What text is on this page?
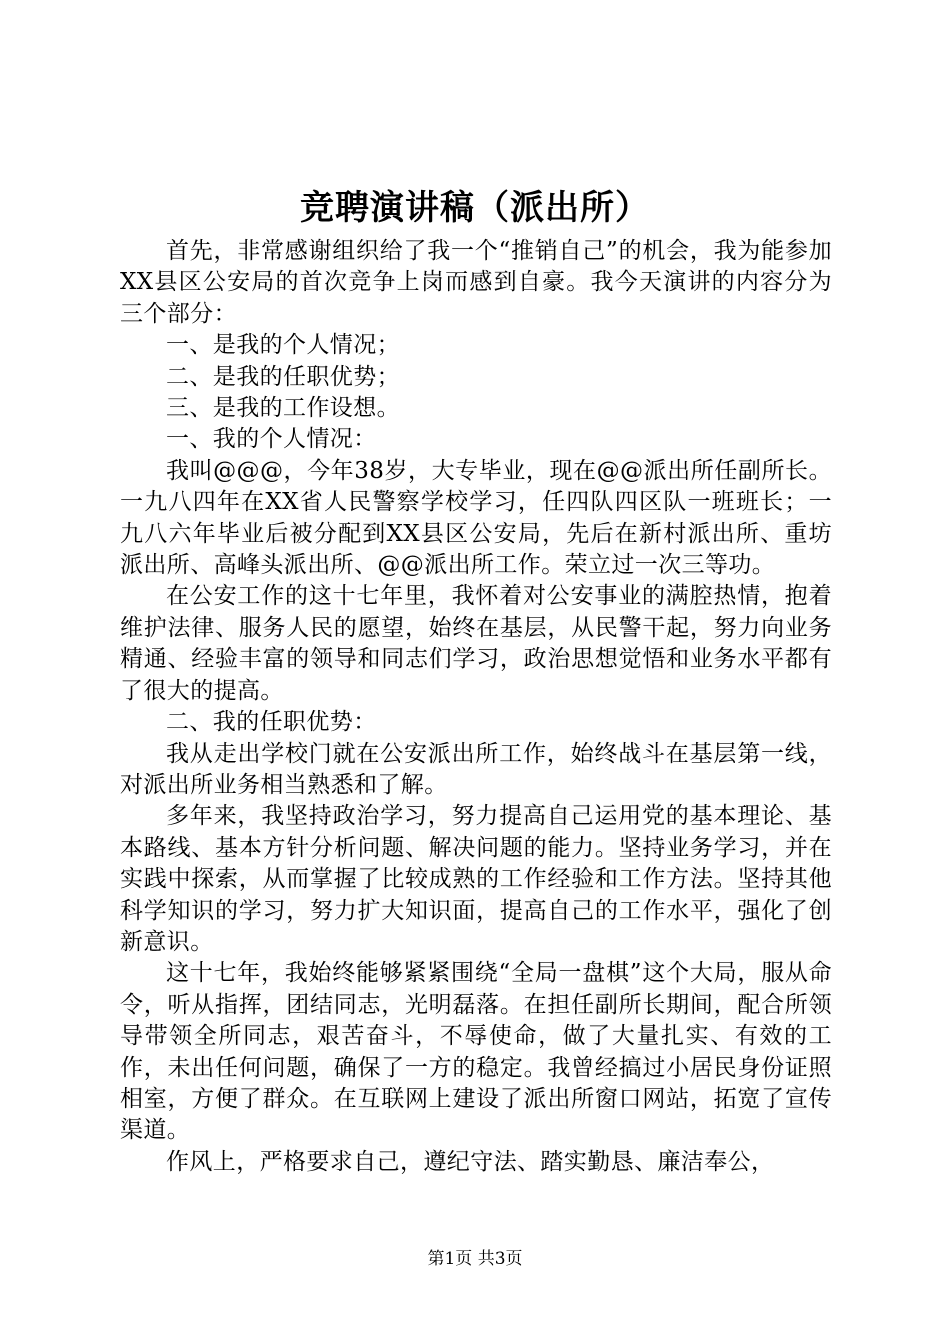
竞聘演讲稿（派出所）

首先，非常感谢组织给了我一个“推销自己”的机会，我为能参加XX县区公安局的首次竞争上岗而感到自豪。我今天演讲的内容分为三个部分：

一、是我的个人情况；

二、是我的任职优势；

三、是我的工作设想。

一、我的个人情况：

我叫@@@，今年38岁，大专毕业，现在@@派出所任副所长。一九八四年在XX省人民警察学校学习，任四队四区队一班班长；一九八六年毕业后被分配到XX县区公安局，先后在新村派出所、重坊派出所、高峰头派出所、@@派出所工作。荣立过一次三等功。

在公安工作的这十七年里，我怀着对公安事业的满腔热情，抱着维护法律、服务人民的愿望，始终在基层，从民警干起，努力向业务精通、经验丰富的领导和同志们学习，政治思想觉悟和业务水平都有了很大的提高。

二、我的任职优势：

我从走出学校门就在公安派出所工作，始终战斗在基层第一线，对派出所业务相当熟悉和了解。

多年来，我坚持政治学习，努力提高自己运用党的基本理论、基本路线、基本方针分析问题、解决问题的能力。坚持业务学习，并在实践中探索，从而掌握了比较成熟的工作经验和工作方法。坚持其他科学知识的学习，努力扩大知识面，提高自己的工作水平，强化了创新意识。

这十七年，我始终能够紧紧围绕“全局一盘棋”这个大局，服从命令，听从指挥，团结同志，光明磊落。在担任副所长期间，配合所领导带领全所同志，艰苦奋斗，不辱使命，做了大量扎实、有效的工作，未出任何问题，确保了一方的稳定。我曾经搞过小居民身份证照相室，方便了群众。在互联网上建设了派出所窗口网站，拓宽了宣传渠道。

作风上，严格要求自己，遵纪守法、踏实勤恳、廉洁奉公，

第1页 共3页
